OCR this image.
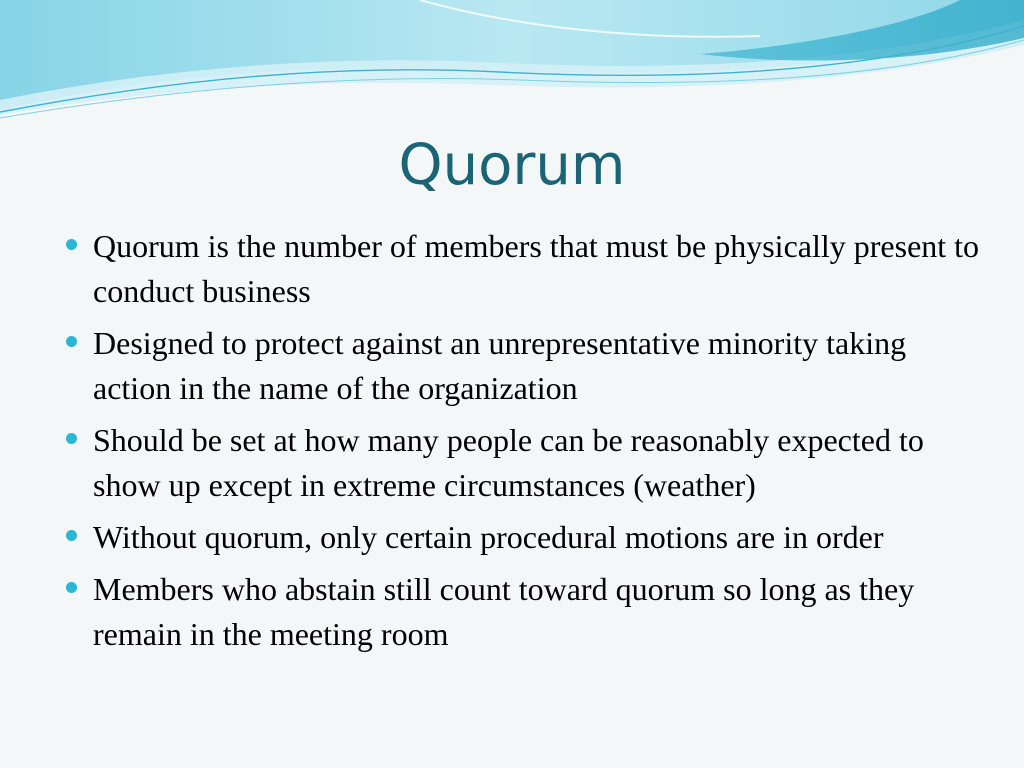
Quorum
Quorum is the number of members that must be physically present to conduct business
Designed to protect against an unrepresentative minority taking action in the name of the organization
Should be set at how many people can be reasonably expected to show up except in extreme circumstances (weather)
Without quorum, only certain procedural motions are in order
Members who abstain still count toward quorum so long as they remain in the meeting room
